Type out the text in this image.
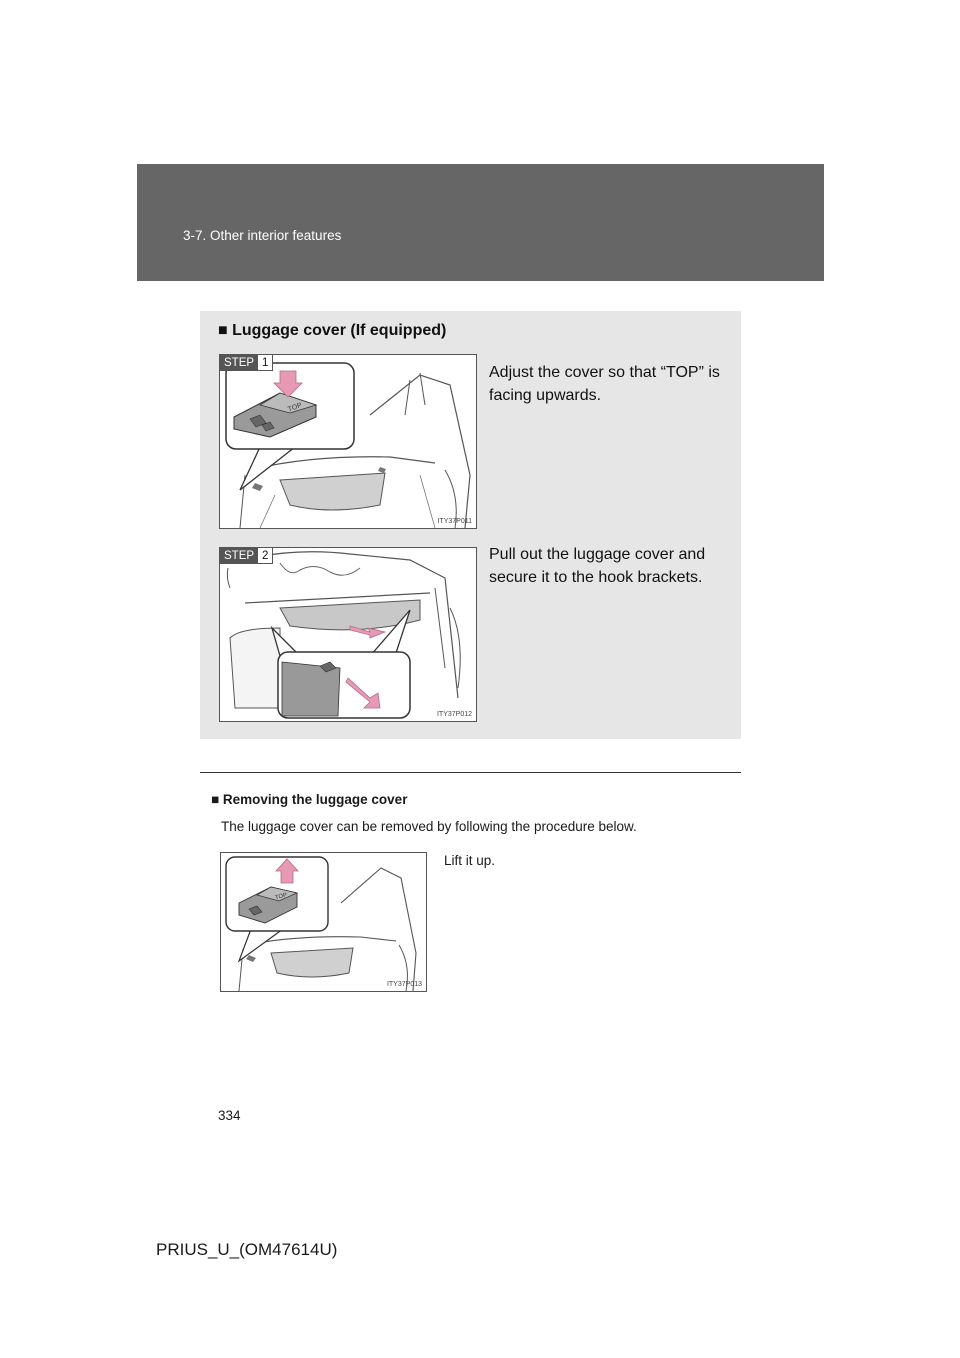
3-7. Other interior features
■ Luggage cover (If equipped)
TOP
STEP 1
ITY37P011
Adjust the cover so that “TOP” is facing upwards.
STEP 2
ITY37P012
Pull out the luggage cover and secure it to the hook brackets.
■ Removing the luggage cover
The luggage cover can be removed by following the procedure below.
TOP
ITY37P013
Lift it up.
334
PRIUS_U_(OM47614U)
